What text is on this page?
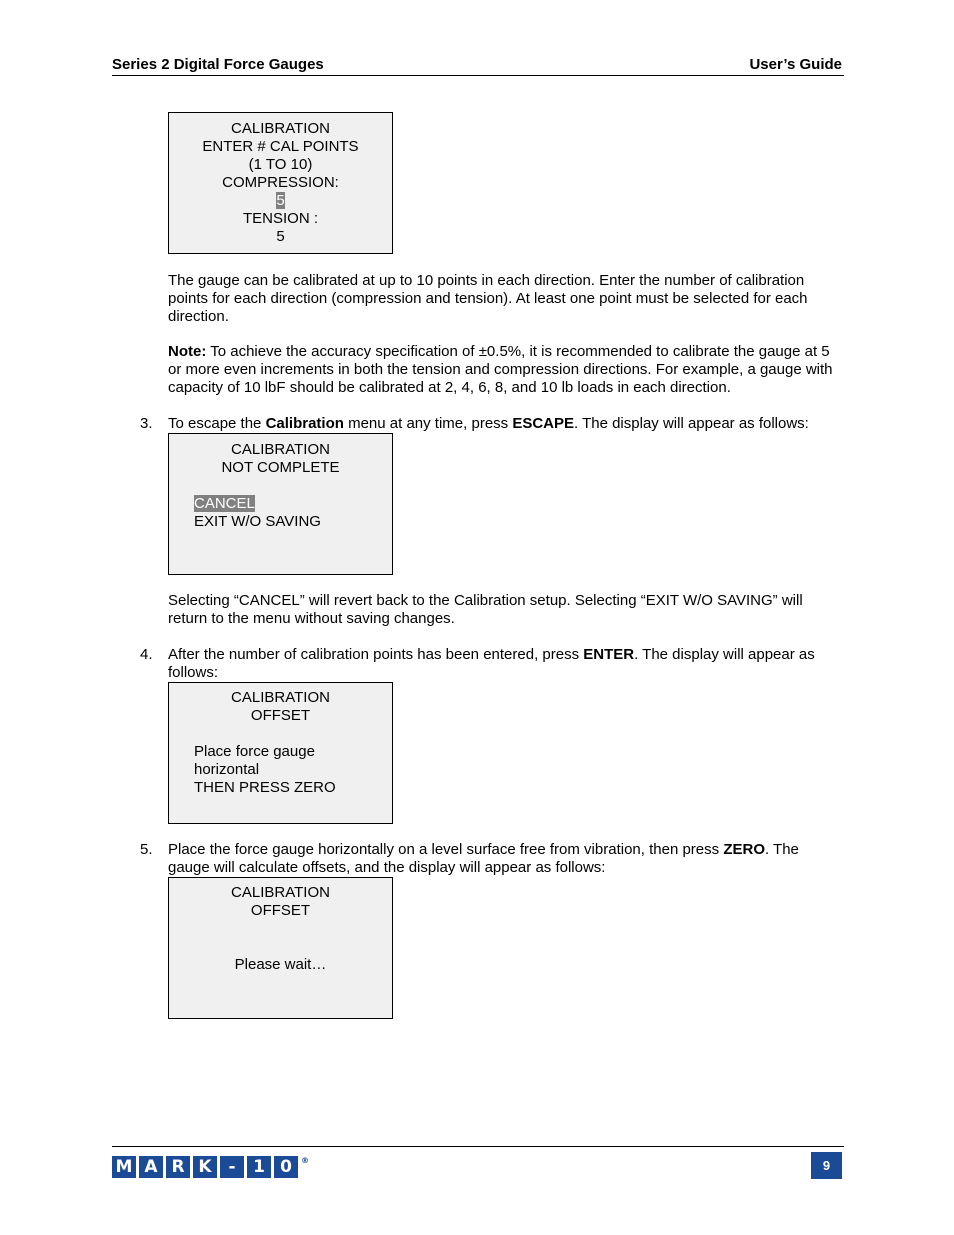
Series 2 Digital Force Gauges	User’s Guide
CALIBRATION
ENTER # CAL POINTS
(1 TO 10)
COMPRESSION:
5
TENSION :
5
The gauge can be calibrated at up to 10 points in each direction. Enter the number of calibration points for each direction (compression and tension). At least one point must be selected for each direction.
Note: To achieve the accuracy specification of ±0.5%, it is recommended to calibrate the gauge at 5 or more even increments in both the tension and compression directions. For example, a gauge with capacity of 10 lbF should be calibrated at 2, 4, 6, 8, and 10 lb loads in each direction.
3. To escape the Calibration menu at any time, press ESCAPE. The display will appear as follows:
CALIBRATION
NOT COMPLETE
CANCEL
EXIT W/O SAVING
Selecting “CANCEL” will revert back to the Calibration setup. Selecting “EXIT W/O SAVING” will return to the menu without saving changes.
4. After the number of calibration points has been entered, press ENTER. The display will appear as follows:
CALIBRATION
OFFSET
Place force gauge
horizontal
THEN PRESS ZERO
5. Place the force gauge horizontally on a level surface free from vibration, then press ZERO. The gauge will calculate offsets, and the display will appear as follows:
CALIBRATION
OFFSET
Please wait…
M A R K -	1 0	®	9
